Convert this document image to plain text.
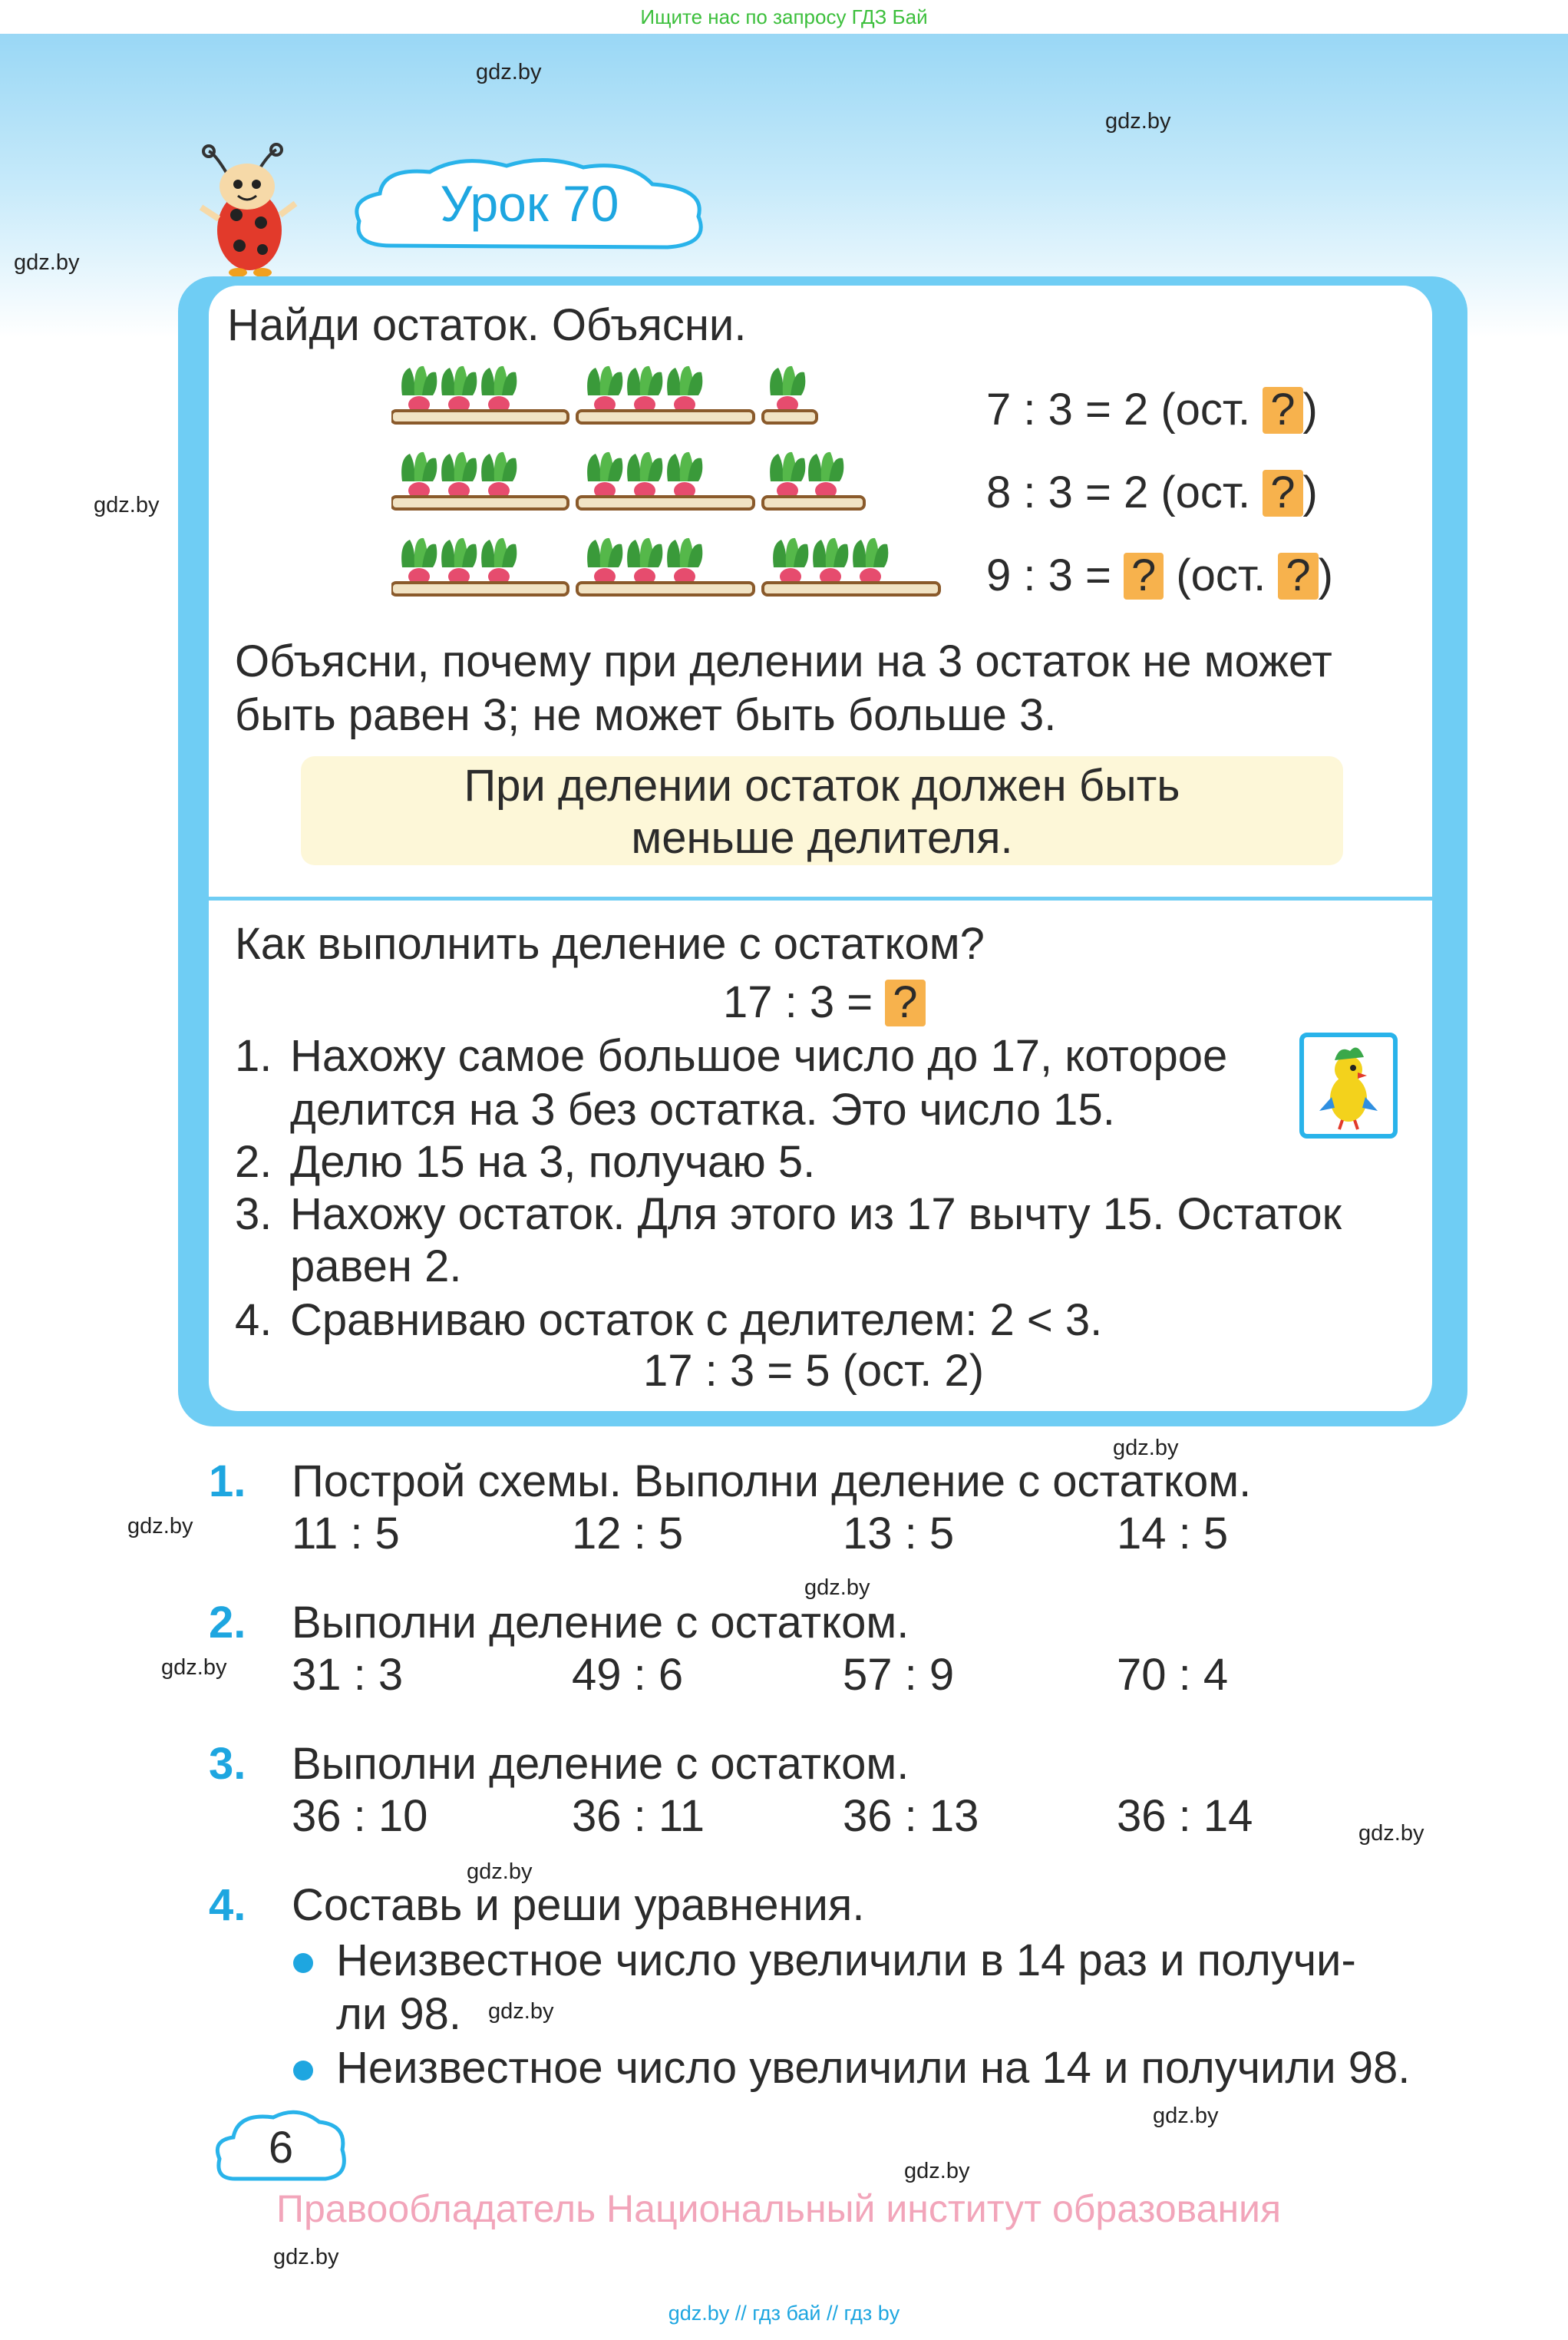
Ищите нас по запросу ГДЗ Бай
gdz.by
gdz.by
gdz.by
gdz.by
gdz.by
gdz.by
gdz.by
gdz.by
gdz.by
gdz.by
gdz.by
gdz.by
gdz.by
gdz.by
Урок 70
Найди остаток. Объясни.
7 : 3 = 2 (ост. ? )
8 : 3 = 2 (ост. ? )
9 : 3 = ? (ост. ? )
Объясни, почему при делении на 3 остаток не может
быть равен 3; не может быть больше 3.
При делении остаток должен быть
меньше делителя.
Как выполнить деление с остатком?
17 : 3 = ?
1. Нахожу самое большое число до 17, которое
делится на 3 без остатка. Это число 15.
2. Делю 15 на 3, получаю 5.
3. Нахожу остаток. Для этого из 17 вычту 15. Остаток
равен 2.
4. Сравниваю остаток с делителем: 2 < 3.
17 : 3 = 5 (ост. 2)
1. Построй схемы. Выполни деление с остатком.
11 : 5	12 : 5	13 : 5	14 : 5
2. Выполни деление с остатком.
31 : 3	49 : 6	57 : 9	70 : 4
3. Выполни деление с остатком.
36 : 10	36 : 11	36 : 13	36 : 14
4. Составь и реши уравнения.
Неизвестное число увеличили в 14 раз и получи-
ли 98.
Неизвестное число увеличили на 14 и получили 98.
6
Правообладатель Национальный институт образования
gdz.by // гдз бай // гдз by
